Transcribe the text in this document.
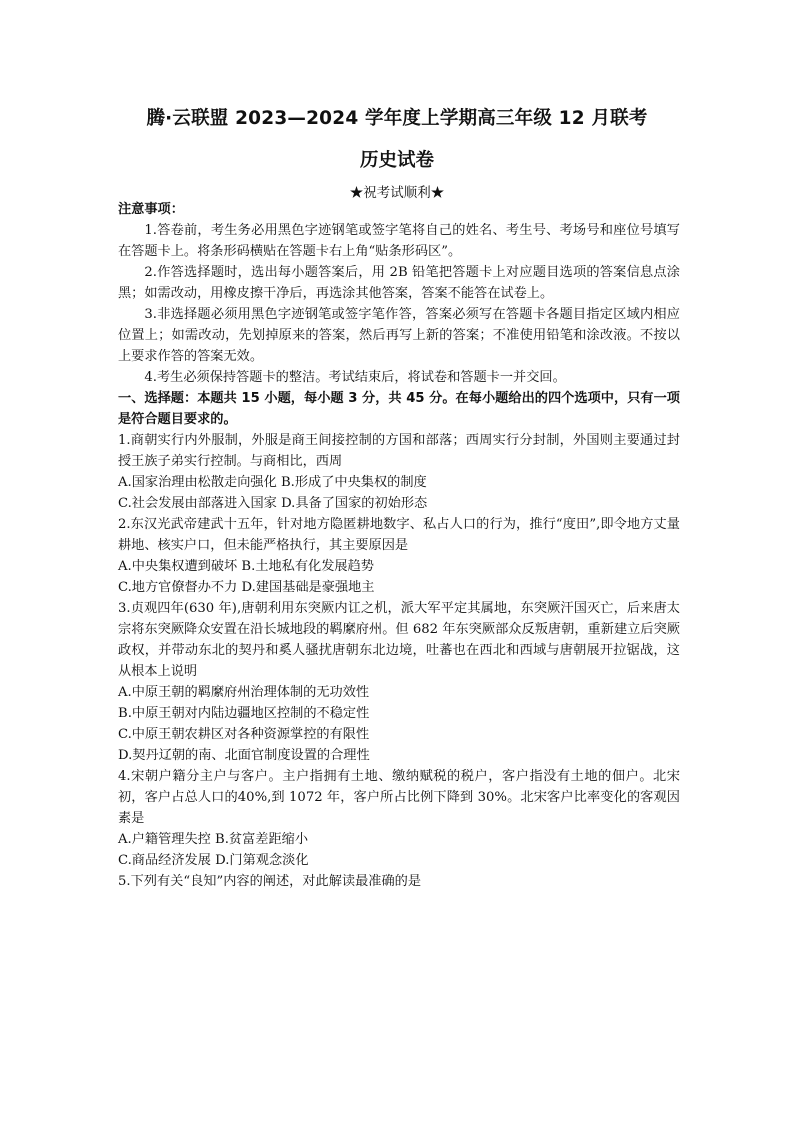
腾·云联盟 2023—2024 学年度上学期高三年级 12 月联考
历史试卷
★祝考试顺利★

注意事项：

1.答卷前，考生务必用黑色字迹钢笔或签字笔将自己的姓名、考生号、考场号和座位号填写在答题卡上。将条形码横贴在答题卡右上角“贴条形码区”。

2.作答选择题时，选出每小题答案后，用 2B 铅笔把答题卡上对应题目选项的答案信息点涂黑；如需改动，用橡皮擦干净后，再选涂其他答案，答案不能答在试卷上。

3.非选择题必须用黑色字迹钢笔或签字笔作答，答案必须写在答题卡各题目指定区域内相应位置上；如需改动，先划掉原来的答案，然后再写上新的答案；不准使用铅笔和涂改液。不按以上要求作答的答案无效。

4.考生必须保持答题卡的整洁。考试结束后，将试卷和答题卡一并交回。

一、选择题：本题共 15 小题，每小题 3 分，共 45 分。在每小题给出的四个选项中，只有一项是符合题目要求的。

1.商朝实行内外服制，外服是商王间接控制的方国和部落；西周实行分封制，外国则主要通过封授王族子弟实行控制。与商相比，西周

A.国家治理由松散走向强化 B.形成了中央集权的制度

C.社会发展由部落进入国家 D.具备了国家的初始形态

2.东汉光武帝建武十五年，针对地方隐匿耕地数字、私占人口的行为，推行“度田”,即令地方丈量耕地、核实户口，但未能严格执行，其主要原因是

A.中央集权遭到破坏 B.土地私有化发展趋势

C.地方官僚督办不力 D.建国基础是豪强地主

3.贞观四年(630 年),唐朝利用东突厥内讧之机，派大军平定其属地，东突厥汗国灭亡，后来唐太宗将东突厥降众安置在沿长城地段的羁縻府州。但 682 年东突厥部众反叛唐朝，重新建立后突厥政权，并带动东北的契丹和奚人骚扰唐朝东北边境，吐蕃也在西北和西域与唐朝展开拉锯战，这从根本上说明

A.中原王朝的羁縻府州治理体制的无功效性

B.中原王朝对内陆边疆地区控制的不稳定性

C.中原王朝农耕区对各种资源掌控的有限性

D.契丹辽朝的南、北面官制度设置的合理性

4.宋朝户籍分主户与客户。主户指拥有土地、缴纳赋税的税户，客户指没有土地的佃户。北宋初，客户占总人口的40%,到 1072 年，客户所占比例下降到 30%。北宋客户比率变化的客观因素是

A.户籍管理失控 B.贫富差距缩小

C.商品经济发展 D.门第观念淡化

5.下列有关“良知”内容的阐述，对此解读最准确的是
